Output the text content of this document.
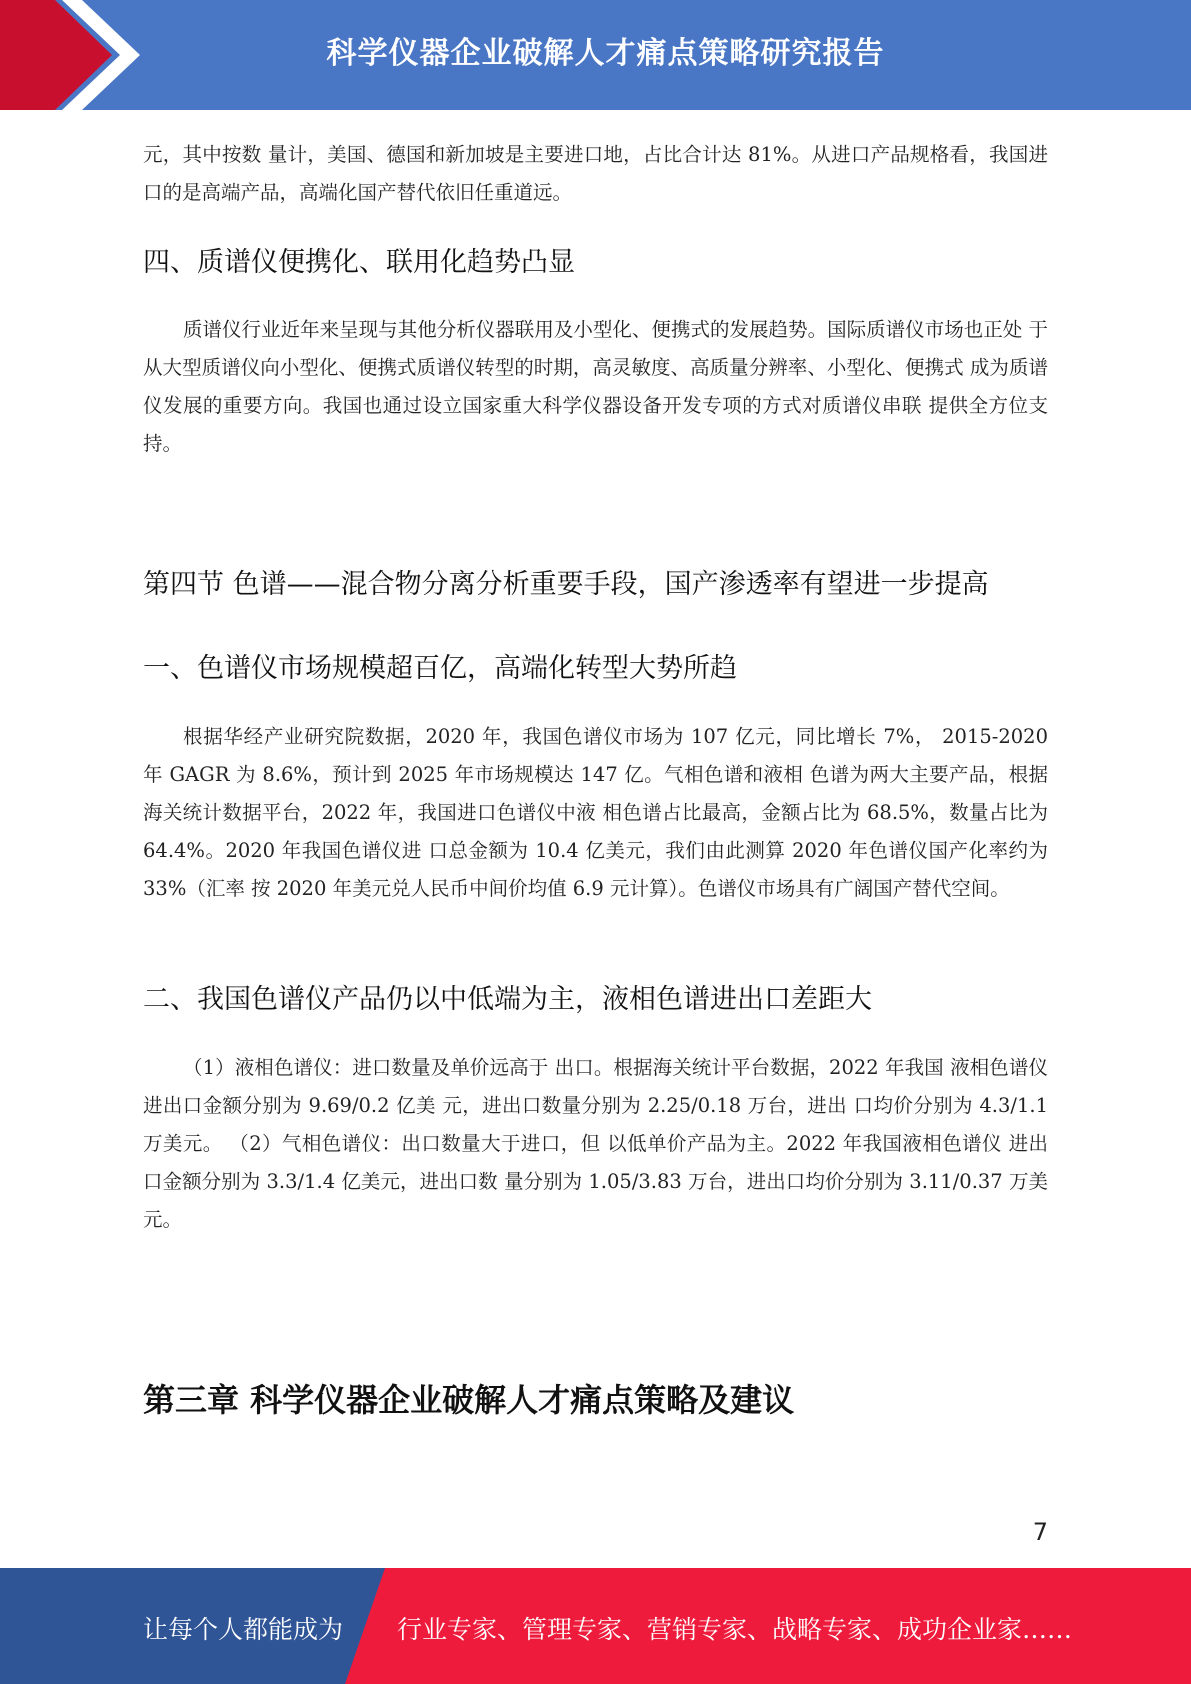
科学仪器企业破解人才痛点策略研究报告

元，其中按数 量计，美国、德国和新加坡是主要进口地，占比合计达 81%。从进口产品规格看，我国进口的是高端产品，高端化国产替代依旧任重道远。

四、质谱仪便携化、联用化趋势凸显

质谱仪行业近年来呈现与其他分析仪器联用及小型化、便携式的发展趋势。国际质谱仪市场也正处 于从大型质谱仪向小型化、便携式质谱仪转型的时期，高灵敏度、高质量分辨率、小型化、便携式 成为质谱仪发展的重要方向。我国也通过设立国家重大科学仪器设备开发专项的方式对质谱仪串联 提供全方位支持。

第四节 色谱——混合物分离分析重要手段，国产渗透率有望进一步提高
一、色谱仪市场规模超百亿，高端化转型大势所趋

根据华经产业研究院数据，2020 年，我国色谱仪市场为 107 亿元，同比增长 7%， 2015-2020 年 GAGR 为 8.6%，预计到 2025 年市场规模达 147 亿。气相色谱和液相 色谱为两大主要产品，根据海关统计数据平台，2022 年，我国进口色谱仪中液 相色谱占比最高，金额占比为 68.5%，数量占比为 64.4%。2020 年我国色谱仪进 口总金额为 10.4 亿美元，我们由此测算 2020 年色谱仪国产化率约为 33%（汇率 按 2020 年美元兑人民币中间价均值 6.9 元计算）。色谱仪市场具有广阔国产替代空间。

二、我国色谱仪产品仍以中低端为主，液相色谱进出口差距大

（1）液相色谱仪：进口数量及单价远高于 出口。根据海关统计平台数据，2022 年我国 液相色谱仪进出口金额分别为 9.69/0.2 亿美 元，进出口数量分别为 2.25/0.18 万台，进出 口均价分别为 4.3/1.1 万美元。 （2）气相色谱仪：出口数量大于进口，但 以低单价产品为主。2022 年我国液相色谱仪 进出口金额分别为 3.3/1.4 亿美元，进出口数 量分别为 1.05/3.83 万台，进出口均价分别为 3.11/0.37 万美元。

第三章 科学仪器企业破解人才痛点策略及建议
7
让每个人都能成为 行业专家、管理专家、营销专家、战略专家、成功企业家……
